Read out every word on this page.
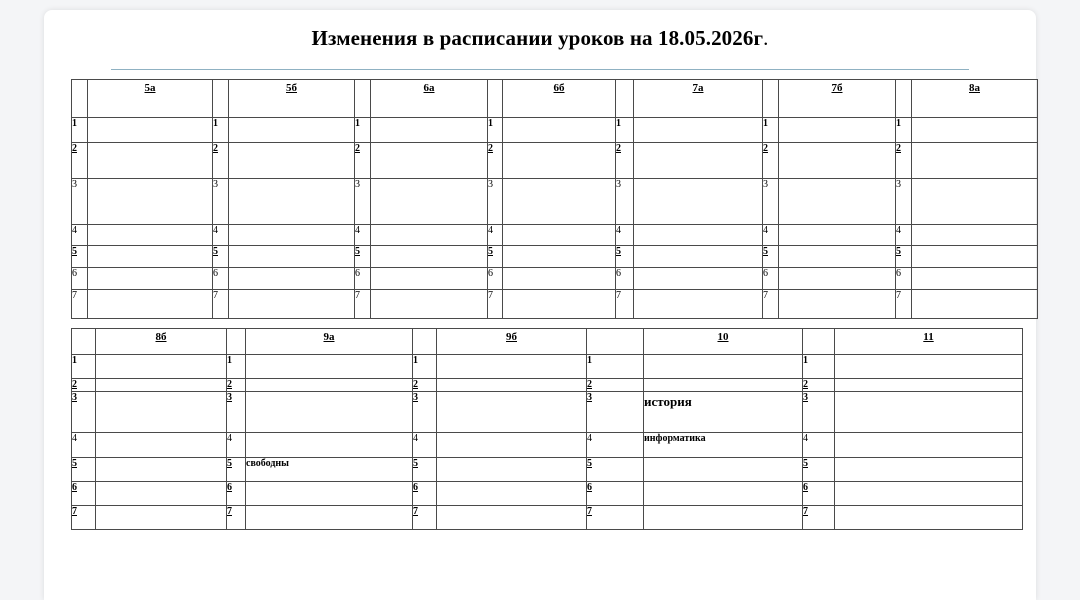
Изменения в расписании уроков на 18.05.2026г.
	5а		5б		6а		6б		7а		7б		8а
1		1		1		1		1		1		1	
2		2		2		2		2		2		2	
3		3		3		3		3		3		3	
4		4		4		4		4		4		4	
5		5		5		5		5		5		5	
6		6		6		6		6		6		6	
7		7		7		7		7		7		7	
	8б		9а		9б		10		11
1		1		1		1		1	
2		2		2		2		2	
3		3		3		3	история	3	
4		4		4		4	информатика	4	
5		5	свободны	5		5		5	
6		6		6		6		6	
7		7		7		7		7	
